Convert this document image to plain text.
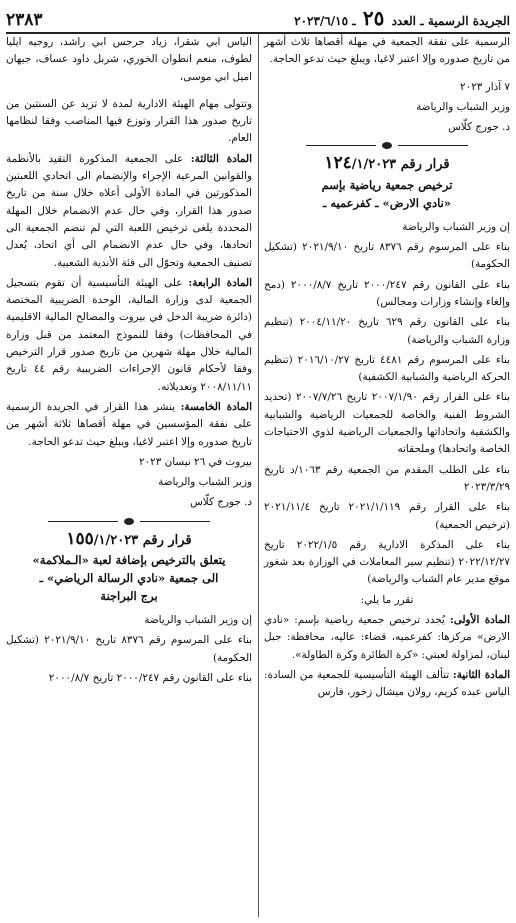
الجريدة الرسمية ـ العدد ٢٥ ـ ٢٠٢٣/٦/١٥
٢٣٨٣

الرسمية على نفقة الجمعية في مهلة أقصاها ثلاث أشهر من تاريخ صدوره وإلا اعتبر لاغيا، ويبلغ حيث تدعو الحاجة.

٧ آذار ٢٠٢٣

وزير الشباب والرياضة

د. جورج كلّاس

قرار رقم ١٢٤/١/٢٠٢٣
ترخيص جمعية رياضية بإسم
«نادي الارض» ـ كفرعميه ـ

إن وزير الشباب والرياضة

بناء على المرسوم رقم ٨٣٧٦ تاريخ ٢٠٢١/٩/١٠ (تشكيل الحكومة)

بناء على القانون رقم ٢٠٠٠/٢٤٧ تاريخ ٢٠٠٠/٨/٧ (دمج وإلغاء وإنشاء وزارات ومجالس)

بناء على القانون رقم ٦٢٩ تاريخ ٢٠٠٤/١١/٢٠ (تنظيم وزارة الشباب والرياضة)

بناء على المرسوم رقم ٤٤٨١ تاريخ ٢٠١٦/١٠/٢٧ (تنظيم الحركة الرياضية والشبابية الكشفية)

بناء على القرار رقم ٢٠٠٧/١/٩٠ تاريخ ٢٠٠٧/٧/٢٦ (تحديد الشروط الفنية والخاصة للجمعيات الرياضية والشبابية والكشفية واتحاداتها والجمعيات الرياضية لذوي الاحتياجات الخاصة واتحادها) وملحقاته

بناء على الطلب المقدم من الجمعية رقم ١٠٦٣/د تاريخ ٢٠٢٣/٣/٢٩

بناء على القرار رقم ٢٠٢١/١/١١٩ تاريخ ٢٠٢١/١١/٤ (ترخيص الجمعية)

بناء على المذكرة الادارية رقم ٢٠٢٢/١/٥ تاريخ ٢٠٢٢/١٢/٢٧ (تنظيم سير المعاملات في الوزارة بعد شغور موقع مدير عام الشباب والرياضة)

تقرر ما يلي:

المادة الأولى: يُجدد ترخيص جمعية رياضية بإسم: «نادي الارض» مركزها: كفرعميه، قضاء: عاليه، محافظة: جبل لبنان، لمزاولة لعبتي: «كرة الطائرة وكرة الطاولة».

المادة الثانية: تتألف الهيئة التأسيسية للجمعية من السادة: الياس عبده كريم، رولان ميشال زخور، فارس

الياس ابي شقرا، زياد جرجس ابي راشد، روجيه ايليا لطوف، منعم انطوان الخوري، شربل داود عساف، جيهان اميل ابي موسى،

وتتولى مهام الهيئة الادارية لمدة لا تزيد عن السنتين من تاريخ صدور هذا القرار وتوزع فيها المناصب وفقا لنظامها العام.

المادة الثالثة: على الجمعية المذكورة التقيد بالأنظمة والقوانين المرعية الإجراء والإنضمام الى اتحادي اللعبتين المذكورتين في المادة الأولى أعلاه خلال سنة من تاريخ صدور هذا القرار، وفي حال عدم الانضمام خلال المهلة المحددة يلغى ترخيص اللعبة التي لم تنضم الجمعية الى اتحادها، وفي حال عدم الانضمام الى أي اتحاد، يُعدل تصنيف الجمعية وتحوّل الى فئة الأندية الشعبية.

المادة الرابعة: على الهيئة التأسيسية أن تقوم بتسجيل الجمعية لدى وزارة المالية، الوحدة الضريبية المختصة (دائرة ضريبة الدخل في بيروت والمصالح المالية الاقليمية في المحافظات) وفقا للنموذج المعتمد من قبل وزارة المالية خلال مهلة شهرين من تاريخ صدور قرار الترخيص وفقا لأحكام قانون الإجراءات الضريبية رقم ٤٤ تاريخ ٢٠٠٨/١١/١١ وتعديلاته.

المادة الخامسة: ينشر هذا القرار في الجريدة الرسمية على نفقة المؤسسين في مهلة أقصاها ثلاثة أشهر من تاريخ صدوره وإلا اعتبر لاغيا، ويبلغ حيث تدعو الحاجة.

بيروت في ٢٦ نيسان ٢٠٢٣

وزير الشباب والرياضة

د. جورج كلّاس

قرار رقم ١٥٥/١/٢٠٢٣
يتعلق بالترخيص بإضافة لعبة «الـملاكمة»
الى جمعية «نادي الرسالة الرياضي» ـ
برج البراجنة

إن وزير الشباب والرياضة

بناء على المرسوم رقم ٨٣٧٦ تاريخ ٢٠٢١/٩/١٠ (تشكيل الحكومة)

بناء على القانون رقم ٢٠٠٠/٢٤٧ تاريخ ٢٠٠٠/٨/٧
